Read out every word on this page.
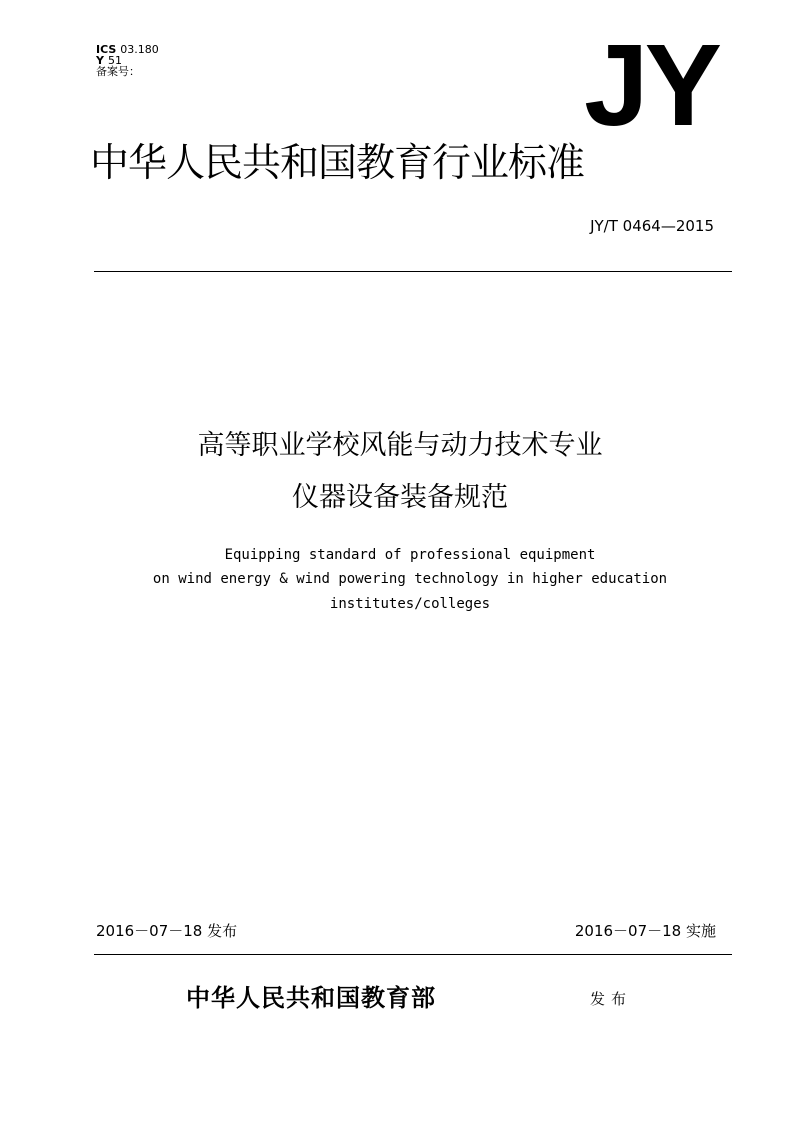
ICS 03.180
Y 51
备案号：	JY
中华人民共和国教育行业标准
JY/T 0464—2015
高等职业学校风能与动力技术专业
仪器设备装备规范
Equipping standard of professional equipment
on wind energy & wind powering technology in higher education
institutes/colleges
2016－07－18 发布	2016－07－18 实施
中华人民共和国教育部	发布
